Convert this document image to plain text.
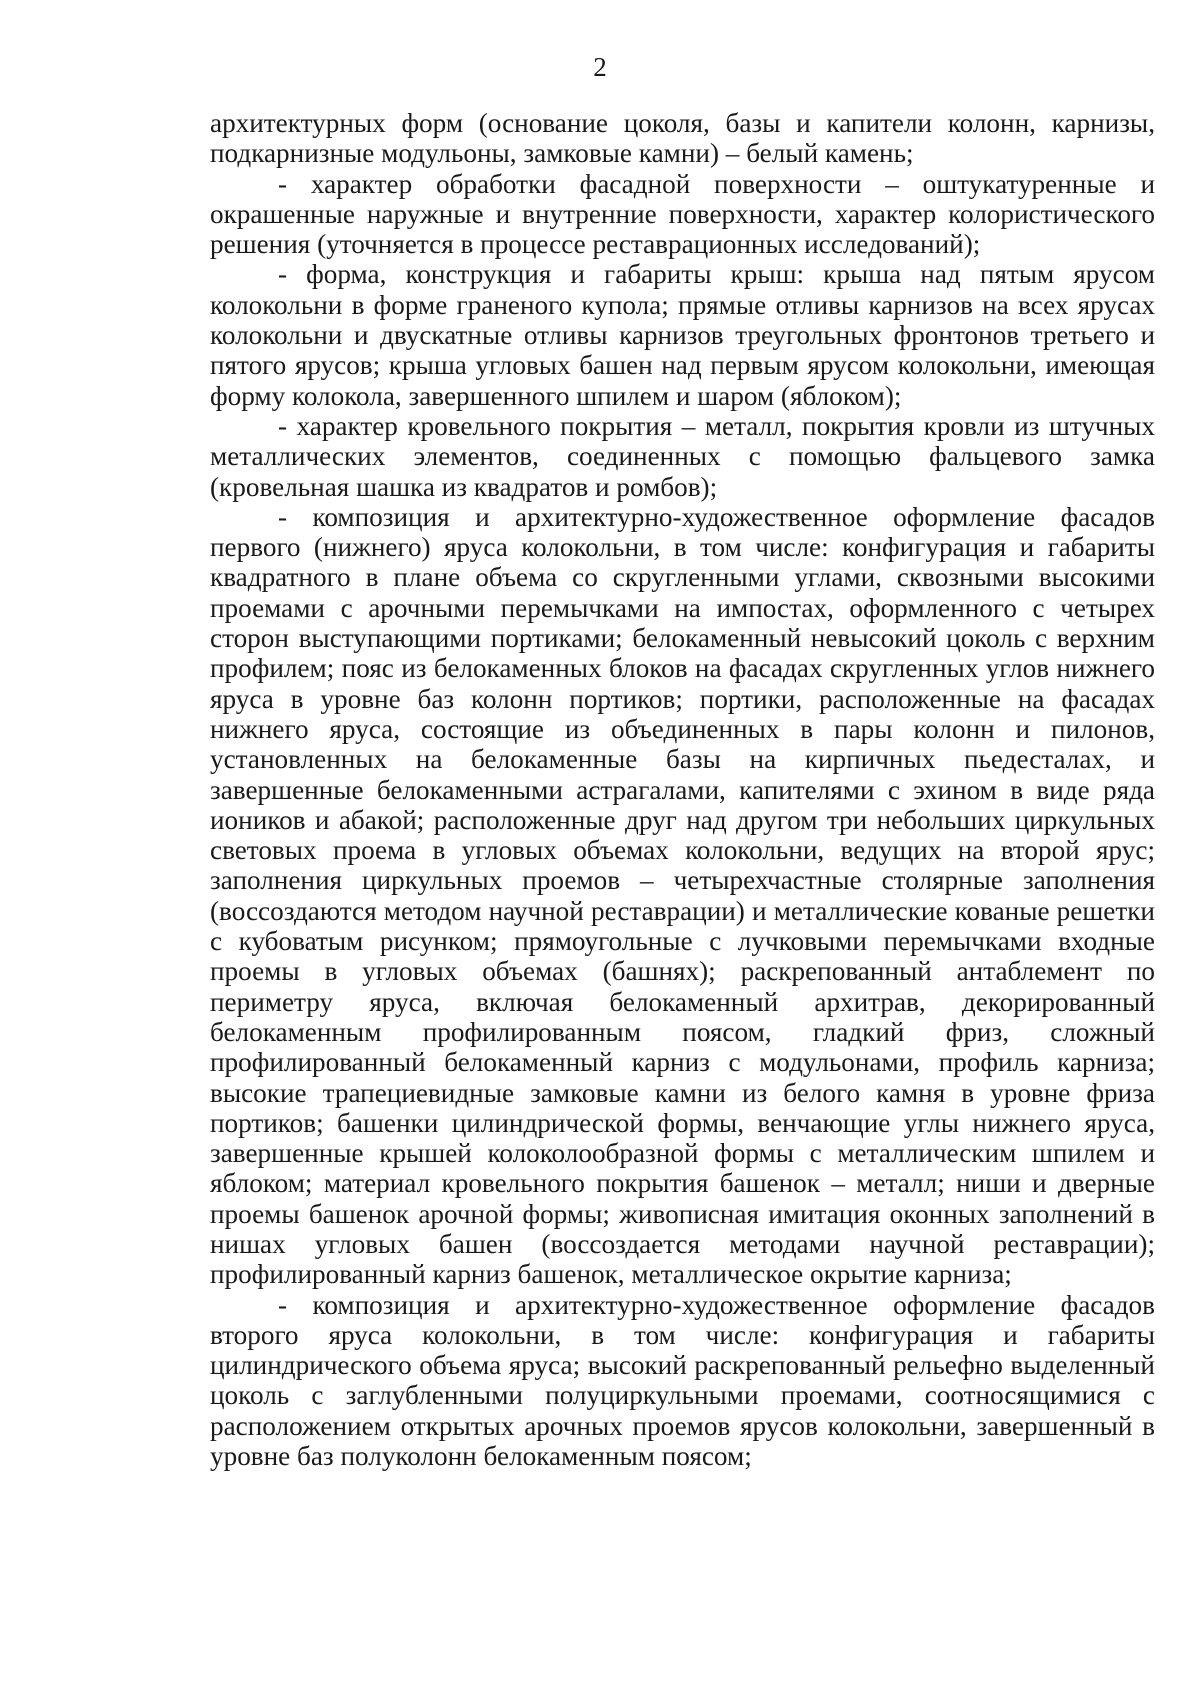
2

архитектурных форм (основание цоколя, базы и капители колонн, карнизы, подкарнизные модульоны, замковые камни) – белый камень;

- характер обработки фасадной поверхности – оштукатуренные и окрашенные наружные и внутренние поверхности, характер колористического решения (уточняется в процессе реставрационных исследований);

- форма, конструкция и габариты крыш: крыша над пятым ярусом колокольни в форме граненого купола; прямые отливы карнизов на всех ярусах колокольни и двускатные отливы карнизов треугольных фронтонов третьего и пятого ярусов; крыша угловых башен над первым ярусом колокольни, имеющая форму колокола, завершенного шпилем и шаром (яблоком);

- характер кровельного покрытия – металл, покрытия кровли из штучных металлических элементов, соединенных с помощью фальцевого замка (кровельная шашка из квадратов и ромбов);

- композиция и архитектурно-художественное оформление фасадов первого (нижнего) яруса колокольни, в том числе: конфигурация и габариты квадратного в плане объема со скругленными углами, сквозными высокими проемами с арочными перемычками на импостах, оформленного с четырех сторон выступающими портиками; белокаменный невысокий цоколь с верхним профилем; пояс из белокаменных блоков на фасадах скругленных углов нижнего яруса в уровне баз колонн портиков; портики, расположенные на фасадах нижнего яруса, состоящие из объединенных в пары колонн и пилонов, установленных на белокаменные базы на кирпичных пьедесталах, и завершенные белокаменными астрагалами, капителями с эхином в виде ряда иоников и абакой; расположенные друг над другом три небольших циркульных световых проема в угловых объемах колокольни, ведущих на второй ярус; заполнения циркульных проемов – четырехчастные столярные заполнения (воссоздаются методом научной реставрации) и металлические кованые решетки с кубоватым рисунком; прямоугольные с лучковыми перемычками входные проемы в угловых объемах (башнях); раскрепованный антаблемент по периметру яруса, включая белокаменный архитрав, декорированный белокаменным профилированным поясом, гладкий фриз, сложный профилированный белокаменный карниз с модульонами, профиль карниза; высокие трапециевидные замковые камни из белого камня в уровне фриза портиков; башенки цилиндрической формы, венчающие углы нижнего яруса, завершенные крышей колоколообразной формы с металлическим шпилем и яблоком; материал кровельного покрытия башенок – металл; ниши и дверные проемы башенок арочной формы; живописная имитация оконных заполнений в нишах угловых башен (воссоздается методами научной реставрации); профилированный карниз башенок, металлическое окрытие карниза;

- композиция и архитектурно-художественное оформление фасадов второго яруса колокольни, в том числе: конфигурация и габариты цилиндрического объема яруса; высокий раскрепованный рельефно выделенный цоколь с заглубленными полуциркульными проемами, соотносящимися с расположением открытых арочных проемов ярусов колокольни, завершенный в уровне баз полуколонн белокаменным поясом;
